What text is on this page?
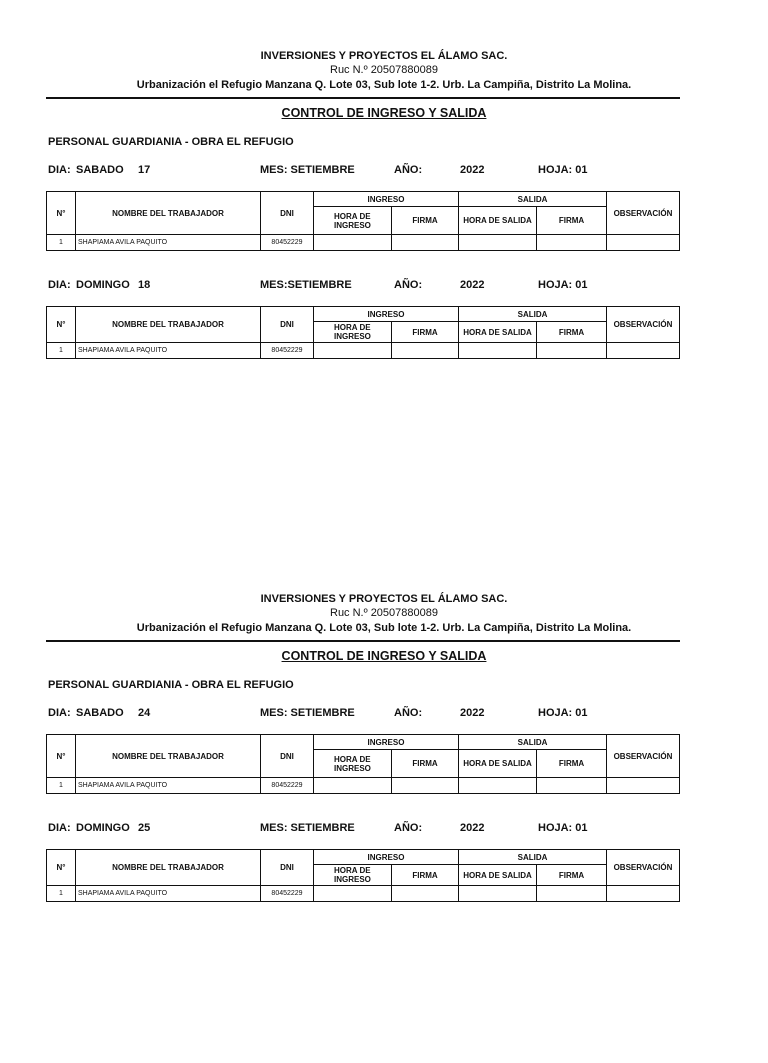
INVERSIONES Y PROYECTOS EL ÁLAMO SAC.
Ruc N.º 20507880089
Urbanización el Refugio Manzana Q. Lote 03, Sub lote 1-2. Urb. La Campiña, Distrito La Molina.
CONTROL DE INGRESO Y SALIDA
PERSONAL GUARDIANIA - OBRA EL REFUGIO
DIA: SABADO 17	MES: SETIEMBRE	AÑO:	2022	HOJA: 01
N°	NOMBRE DEL TRABAJADOR	DNI	INGRESO		SALIDA		OBSERVACIÓN
			HORA DE INGRESO	FIRMA	HORA DE SALIDA	FIRMA	
1	SHAPIAMA AVILA PAQUITO	80452229					
DIA: DOMINGO 18	MES:SETIEMBRE	AÑO:	2022	HOJA: 01
N°	NOMBRE DEL TRABAJADOR	DNI	INGRESO		SALIDA		OBSERVACIÓN
			HORA DE INGRESO	FIRMA	HORA DE SALIDA	FIRMA	
1	SHAPIAMA AVILA PAQUITO	80452229					
INVERSIONES Y PROYECTOS EL ÁLAMO SAC.
Ruc N.º 20507880089
Urbanización el Refugio Manzana Q. Lote 03, Sub lote 1-2. Urb. La Campiña, Distrito La Molina.
CONTROL DE INGRESO Y SALIDA
PERSONAL GUARDIANIA - OBRA EL REFUGIO
DIA: SABADO 24	MES: SETIEMBRE	AÑO:	2022	HOJA: 01
N°	NOMBRE DEL TRABAJADOR	DNI	INGRESO		SALIDA		OBSERVACIÓN
			HORA DE INGRESO	FIRMA	HORA DE SALIDA	FIRMA	
1	SHAPIAMA AVILA PAQUITO	80452229					
DIA: DOMINGO 25	MES: SETIEMBRE	AÑO:	2022	HOJA: 01
N°	NOMBRE DEL TRABAJADOR	DNI	INGRESO		SALIDA		OBSERVACIÓN
			HORA DE INGRESO	FIRMA	HORA DE SALIDA	FIRMA	
1	SHAPIAMA AVILA PAQUITO	80452229					
